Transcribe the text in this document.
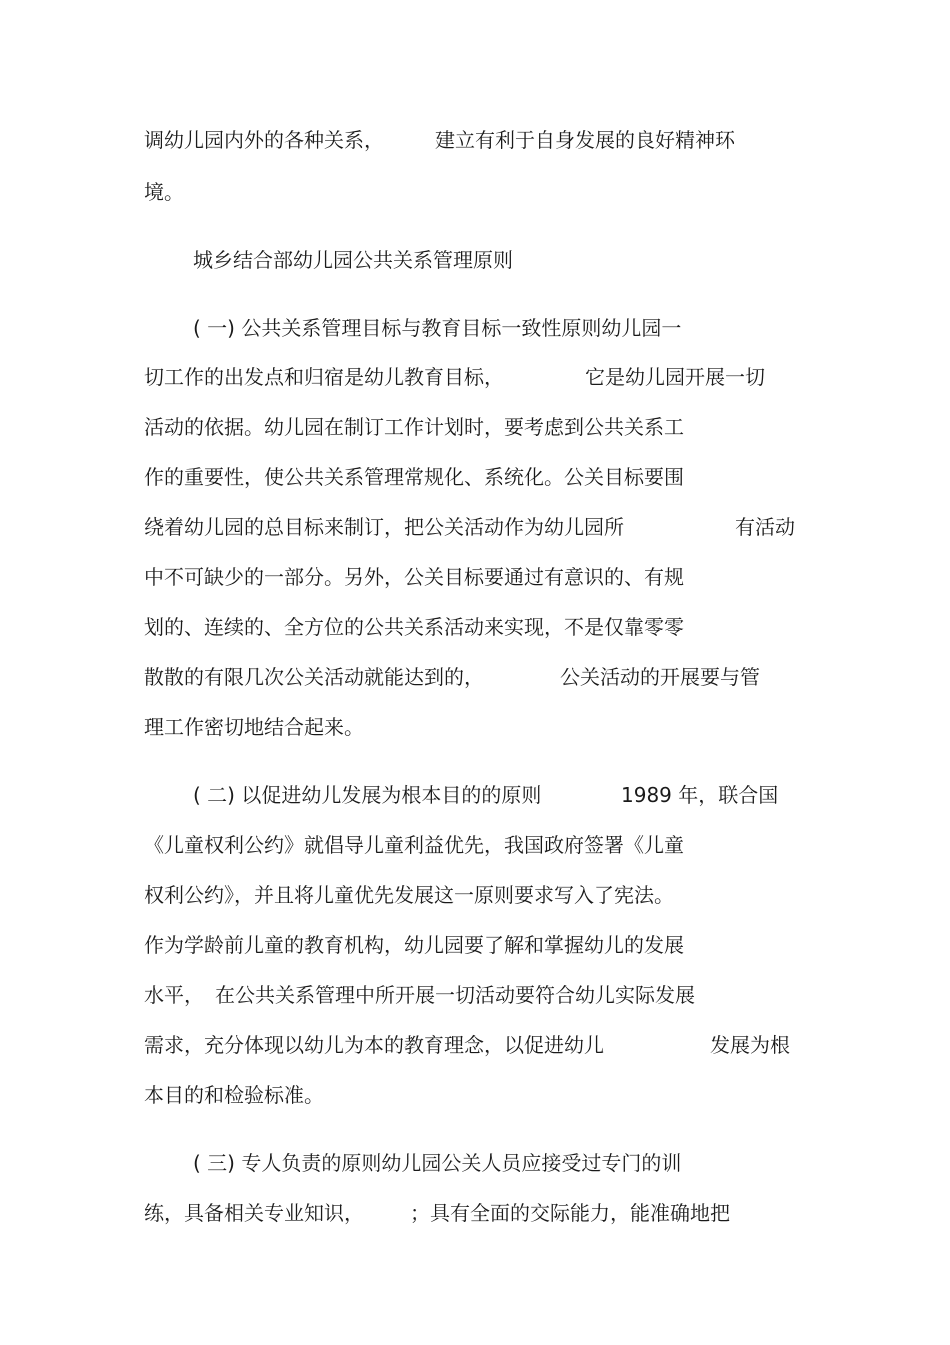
调幼儿园内外的各种关系，	建立有利于自身发展的良好精神环
境。
城乡结合部幼儿园公共关系管理原则
( 一) 公共关系管理目标与教育目标一致性原则幼儿园一
切工作的出发点和归宿是幼儿教育目标，	它是幼儿园开展一切
活动的依据。幼儿园在制订工作计划时，要考虑到公共关系工
作的重要性，使公共关系管理常规化、系统化。公关目标要围
绕着幼儿园的总目标来制订，把公关活动作为幼儿园所	有活动
中不可缺少的一部分。另外，公关目标要通过有意识的、有规
划的、连续的、全方位的公共关系活动来实现，不是仅靠零零
散散的有限几次公关活动就能达到的，	公关活动的开展要与管
理工作密切地结合起来。
( 二) 以促进幼儿发展为根本目的的原则	1989 年，联合国
《儿童权利公约》就倡导儿童利益优先，我国政府签署《儿童
权利公约》，并且将儿童优先发展这一原则要求写入了宪法。
作为学龄前儿童的教育机构，幼儿园要了解和掌握幼儿的发展
水平， 在公共关系管理中所开展一切活动要符合幼儿实际发展
需求，充分体现以幼儿为本的教育理念，以促进幼儿	发展为根
本目的和检验标准。
( 三) 专人负责的原则幼儿园公关人员应接受过专门的训
练，具备相关专业知识， ；具有全面的交际能力，能准确地把
